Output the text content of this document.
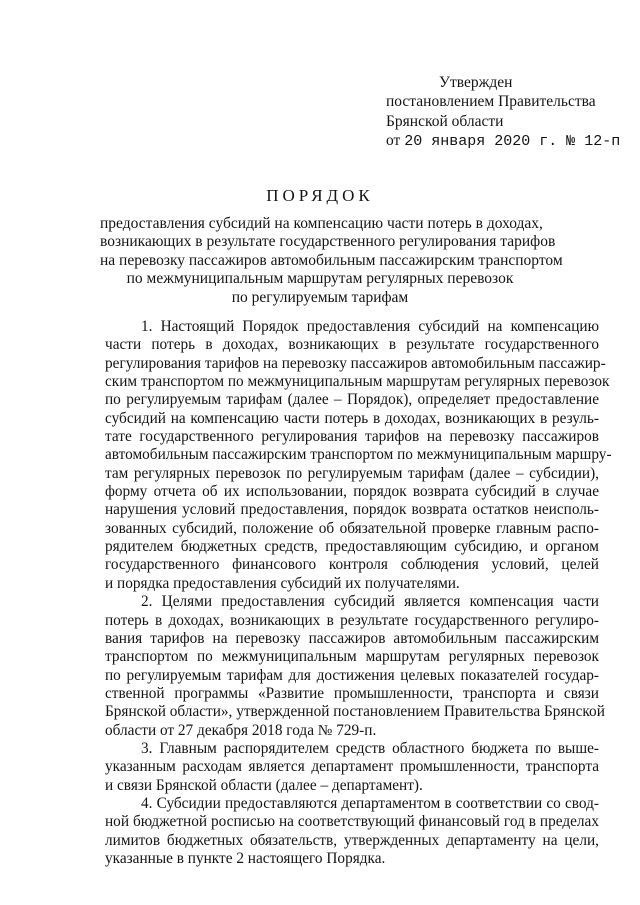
Утвержден
постановлением Правительства
Брянской области
от 20 января 2020 г. № 12-п
ПОРЯДОК
предоставления субсидий на компенсацию части потерь в доходах,
возникающих в результате государственного регулирования тарифов
на перевозку пассажиров автомобильным пассажирским транспортом
по межмуниципальным маршрутам регулярных перевозок
по регулируемым тарифам
1. Настоящий Порядок предоставления субсидий на компенсацию
части потерь в доходах, возникающих в результате государственного
регулирования тарифов на перевозку пассажиров автомобильным пассажир-
ским транспортом по межмуниципальным маршрутам регулярных перевозок
по регулируемым тарифам (далее – Порядок), определяет предоставление
субсидий на компенсацию части потерь в доходах, возникающих в резуль-
тате государственного регулирования тарифов на перевозку пассажиров
автомобильным пассажирским транспортом по межмуниципальным маршру-
там регулярных перевозок по регулируемым тарифам (далее – субсидии),
форму отчета об их использовании, порядок возврата субсидий в случае
нарушения условий предоставления, порядок возврата остатков неисполь-
зованных субсидий, положение об обязательной проверке главным распо-
рядителем бюджетных средств, предоставляющим субсидию, и органом
государственного финансового контроля соблюдения условий, целей
и порядка предоставления субсидий их получателями.
2. Целями предоставления субсидий является компенсация части
потерь в доходах, возникающих в результате государственного регулиро-
вания тарифов на перевозку пассажиров автомобильным пассажирским
транспортом по межмуниципальным маршрутам регулярных перевозок
по регулируемым тарифам для достижения целевых показателей государ-
ственной программы «Развитие промышленности, транспорта и связи
Брянской области», утвержденной постановлением Правительства Брянской
области от 27 декабря 2018 года № 729-п.
3. Главным распорядителем средств областного бюджета по выше-
указанным расходам является департамент промышленности, транспорта
и связи Брянской области (далее – департамент).
4. Субсидии предоставляются департаментом в соответствии со свод-
ной бюджетной росписью на соответствующий финансовый год в пределах
лимитов бюджетных обязательств, утвержденных департаменту на цели,
указанные в пункте 2 настоящего Порядка.
